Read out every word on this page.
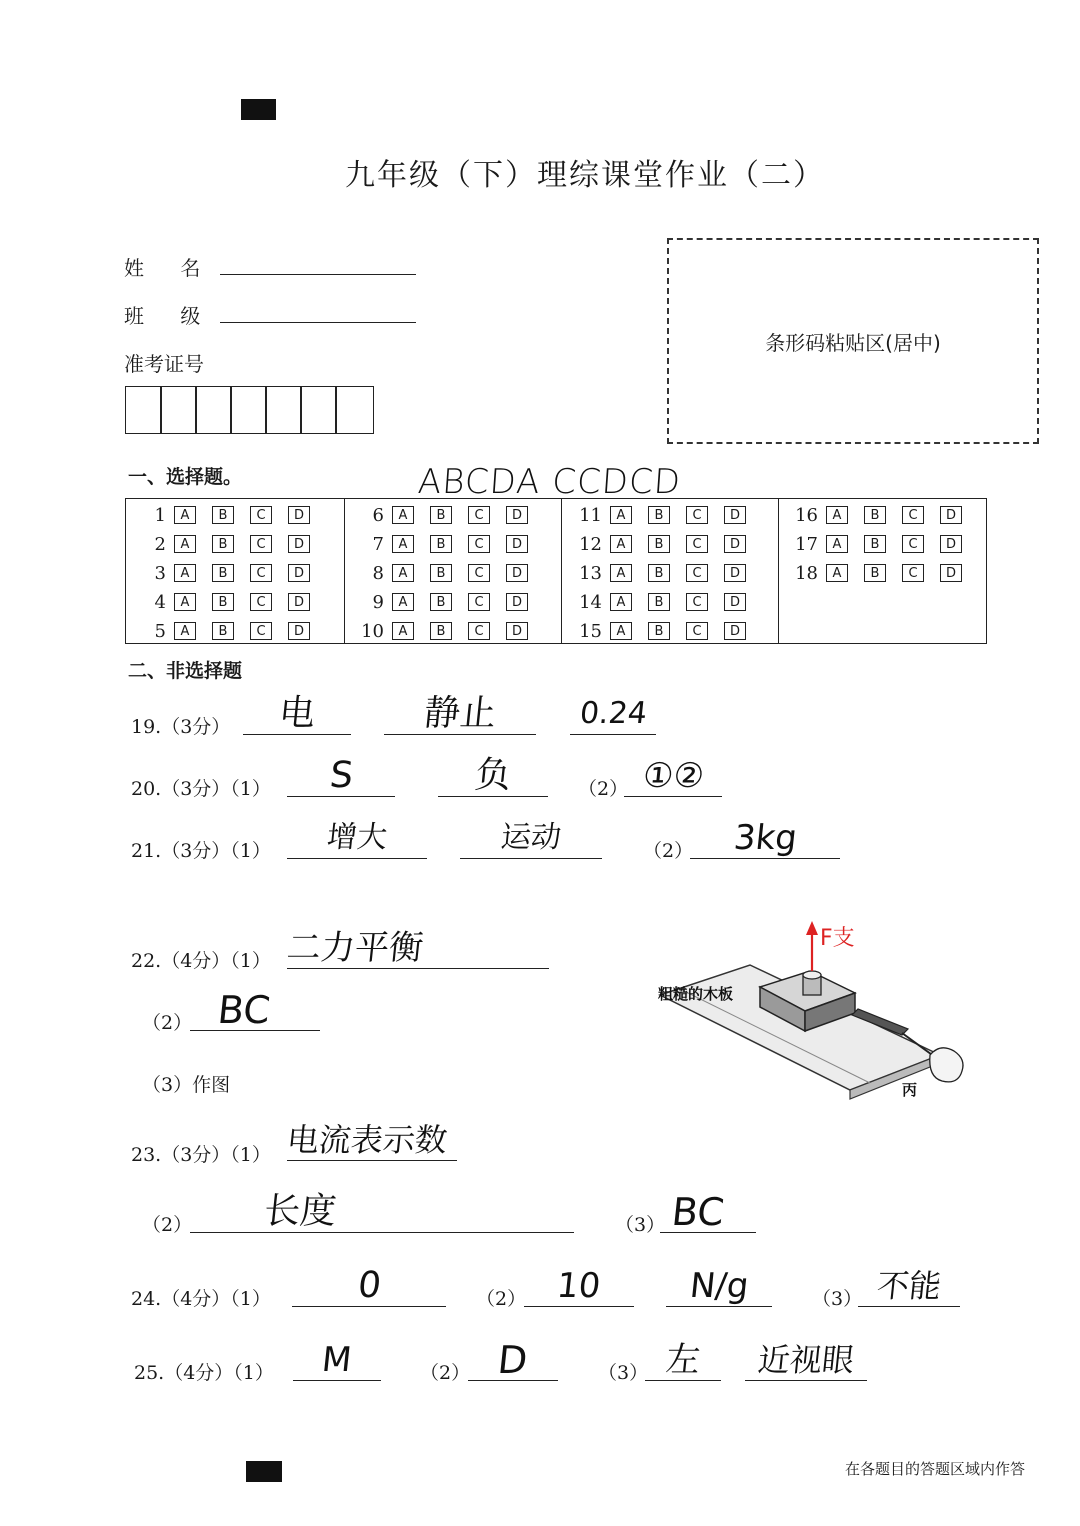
九年级（下）理综课堂作业（二）
姓 名
班 级
准考证号
条形码粘贴区(居中)
一、选择题。	ABCDA CCDCD
1	A	B	C	D
2	A	B	C	D
3	A	B	C	D
4	A	B	C	D
5	A	B	C	D
6	A	B	C	D
7	A	B	C	D
8	A	B	C	D
9	A	B	C	D
10	A	B	C	D
11	A	B	C	D
12	A	B	C	D
13	A	B	C	D
14	A	B	C	D
15	A	B	C	D
16	A	B	C	D
17	A	B	C	D
18	A	B	C	D
二、非选择题
19.（3分）	电	静止	0.24
20.（3分）（1）	S	负	（2） ①②
21.（3分）（1）	增大	运动	（2）	3kg
22.（4分）（1） 二力平衡
（2） BC
（3）作图
F支
粗糙的木板
丙
23.（3分）（1） 电流表示数
（2）	长度	（3） BC
24.（4分）（1）	0	（2） 10	N/g	（3） 不能
25.（4分）（1）	M	（2） D	（3） 左	近视眼
在各题目的答题区域内作答
